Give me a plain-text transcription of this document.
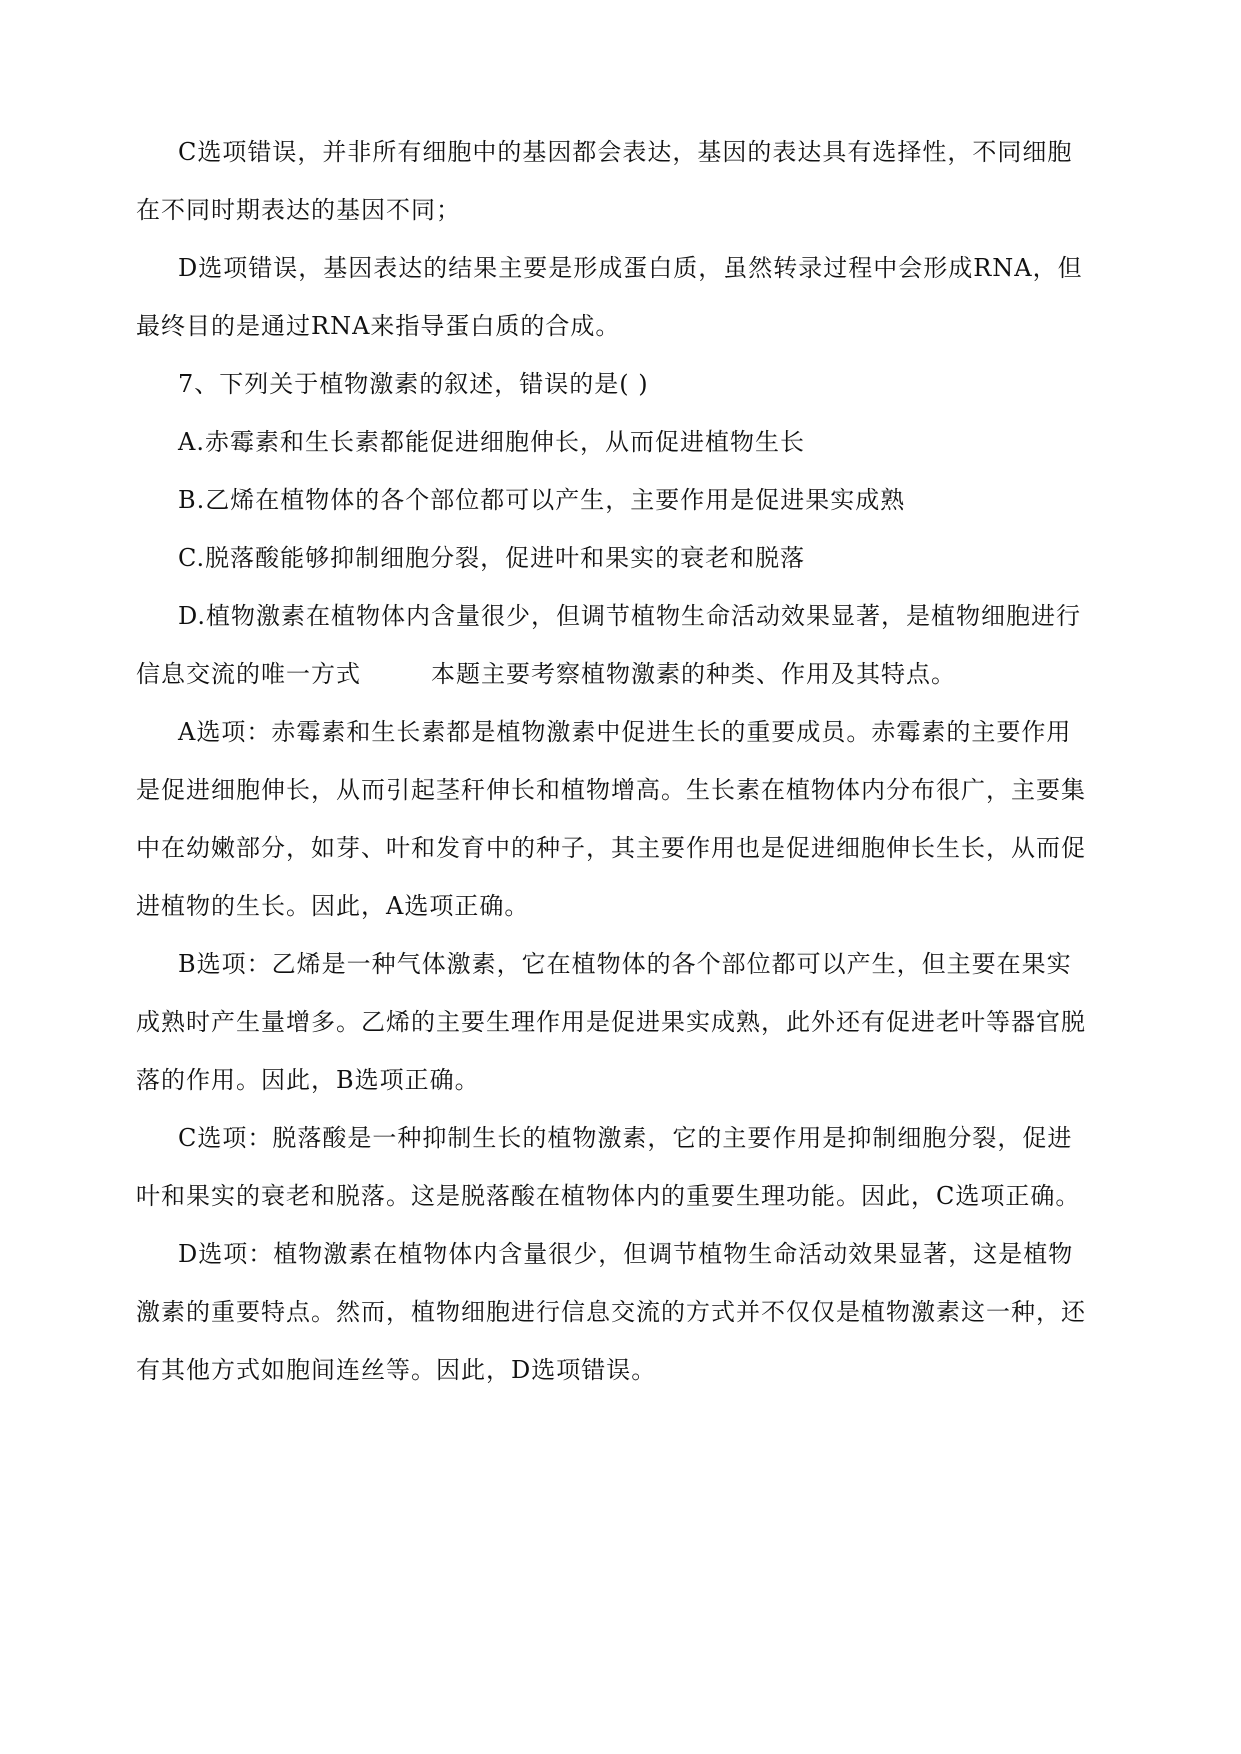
C选项错误，并非所有细胞中的基因都会表达，基因的表达具有选择性，不同细胞
在不同时期表达的基因不同；
D选项错误，基因表达的结果主要是形成蛋白质，虽然转录过程中会形成RNA，但
最终目的是通过RNA来指导蛋白质的合成。
7、下列关于植物激素的叙述，错误的是( )
A.赤霉素和生长素都能促进细胞伸长，从而促进植物生长
B.乙烯在植物体的各个部位都可以产生，主要作用是促进果实成熟
C.脱落酸能够抑制细胞分裂，促进叶和果实的衰老和脱落
D.植物激素在植物体内含量很少，但调节植物生命活动效果显著，是植物细胞进行
信息交流的唯一方式	本题主要考察植物激素的种类、作用及其特点。
A选项：赤霉素和生长素都是植物激素中促进生长的重要成员。赤霉素的主要作用
是促进细胞伸长，从而引起茎秆伸长和植物增高。生长素在植物体内分布很广，主要集
中在幼嫩部分，如芽、叶和发育中的种子，其主要作用也是促进细胞伸长生长，从而促
进植物的生长。因此，A选项正确。
B选项：乙烯是一种气体激素，它在植物体的各个部位都可以产生，但主要在果实
成熟时产生量增多。乙烯的主要生理作用是促进果实成熟，此外还有促进老叶等器官脱
落的作用。因此，B选项正确。
C选项：脱落酸是一种抑制生长的植物激素，它的主要作用是抑制细胞分裂，促进
叶和果实的衰老和脱落。这是脱落酸在植物体内的重要生理功能。因此，C选项正确。
D选项：植物激素在植物体内含量很少，但调节植物生命活动效果显著，这是植物
激素的重要特点。然而，植物细胞进行信息交流的方式并不仅仅是植物激素这一种，还
有其他方式如胞间连丝等。因此，D选项错误。
